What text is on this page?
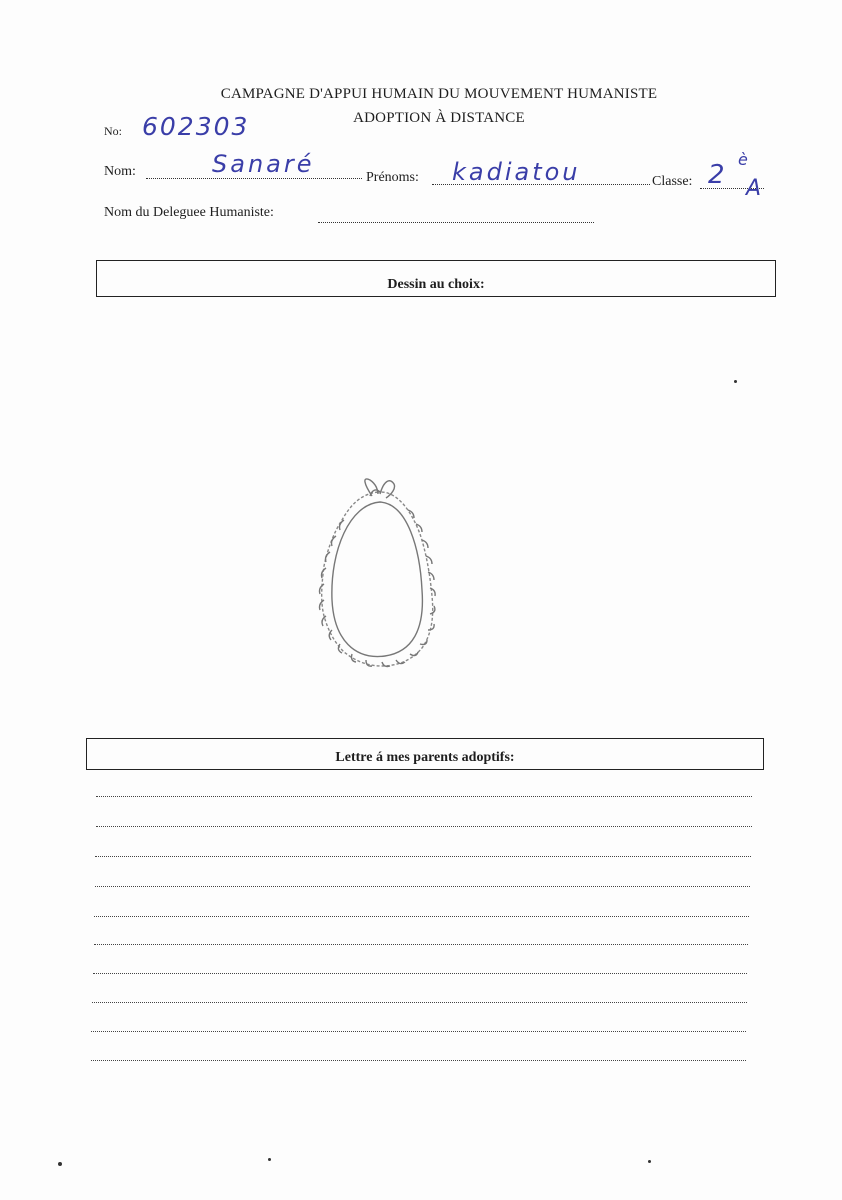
CAMPAGNE D'APPUI HUMAIN DU MOUVEMENT HUMANISTE
ADOPTION À DISTANCE
No: 602303
Nom:	Sanaré	Prénoms: kadiatou	Classe: 2
è
A
Nom du Deleguee Humaniste:
Dessin au choix:
Lettre á mes parents adoptifs:
